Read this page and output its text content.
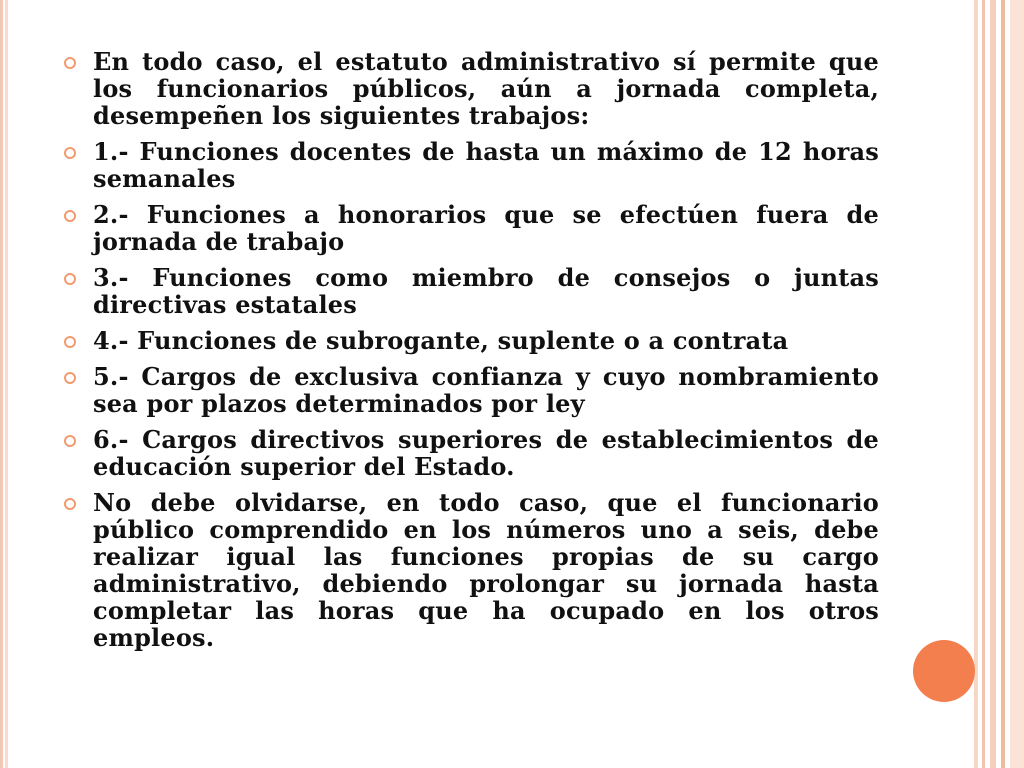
En todo caso, el estatuto administrativo sí permite que los funcionarios públicos, aún a jornada completa, desempeñen los siguientes trabajos:
1.- Funciones docentes de hasta un máximo de 12 horas semanales
2.- Funciones a honorarios que se efectúen fuera de jornada de trabajo
3.- Funciones como miembro de consejos o juntas directivas estatales
4.- Funciones de subrogante, suplente o a contrata
5.- Cargos de exclusiva confianza y cuyo nombramiento sea por plazos determinados por ley
6.- Cargos directivos superiores de establecimientos de educación superior del Estado.
No debe olvidarse, en todo caso, que el funcionario público comprendido en los números uno a seis, debe realizar igual las funciones propias de su cargo administrativo, debiendo prolongar su jornada hasta completar las horas que ha ocupado en los otros empleos.
